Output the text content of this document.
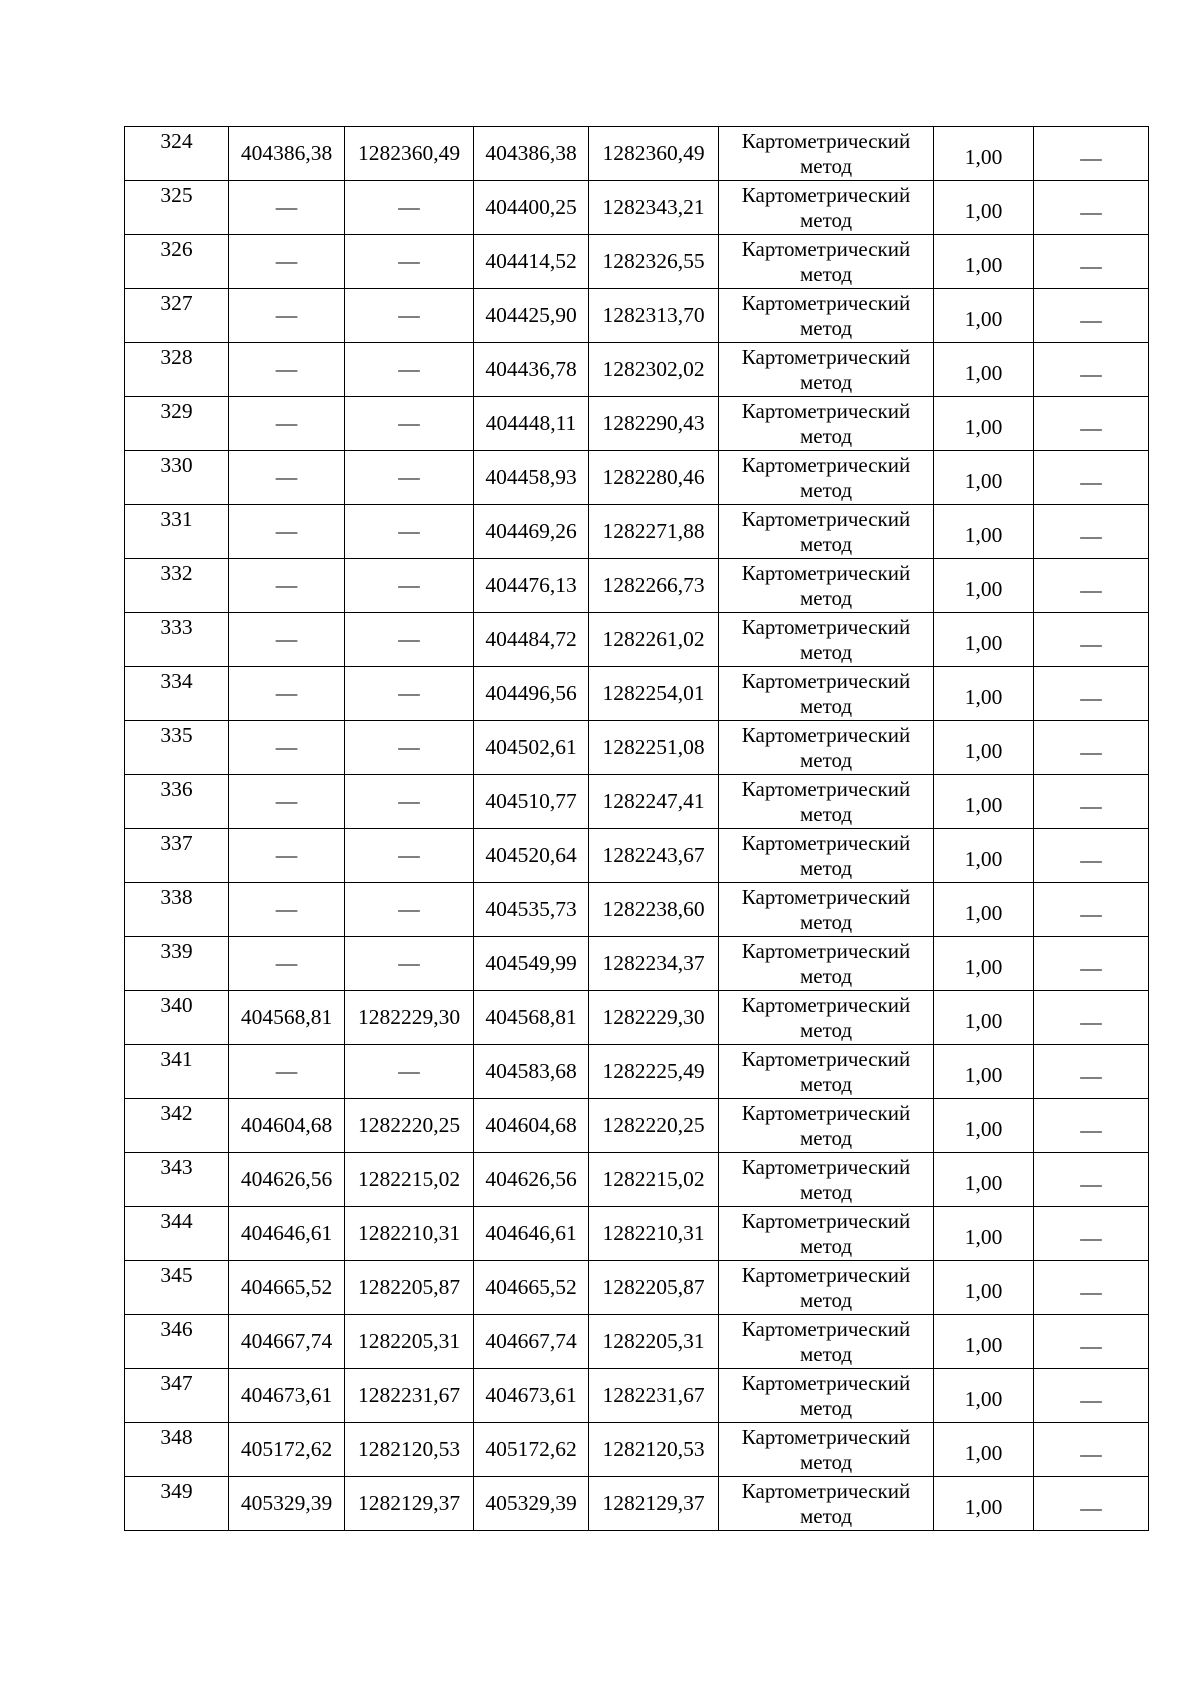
324	404386,38	1282360,49	404386,38	1282360,49	Картометрический
метод	1,00	—
325	—	—	404400,25	1282343,21	Картометрический
метод	1,00	—
326	—	—	404414,52	1282326,55	Картометрический
метод	1,00	—
327	—	—	404425,90	1282313,70	Картометрический
метод	1,00	—
328	—	—	404436,78	1282302,02	Картометрический
метод	1,00	—
329	—	—	404448,11	1282290,43	Картометрический
метод	1,00	—
330	—	—	404458,93	1282280,46	Картометрический
метод	1,00	—
331	—	—	404469,26	1282271,88	Картометрический
метод	1,00	—
332	—	—	404476,13	1282266,73	Картометрический
метод	1,00	—
333	—	—	404484,72	1282261,02	Картометрический
метод	1,00	—
334	—	—	404496,56	1282254,01	Картометрический
метод	1,00	—
335	—	—	404502,61	1282251,08	Картометрический
метод	1,00	—
336	—	—	404510,77	1282247,41	Картометрический
метод	1,00	—
337	—	—	404520,64	1282243,67	Картометрический
метод	1,00	—
338	—	—	404535,73	1282238,60	Картометрический
метод	1,00	—
339	—	—	404549,99	1282234,37	Картометрический
метод	1,00	—
340	404568,81	1282229,30	404568,81	1282229,30	Картометрический
метод	1,00	—
341	—	—	404583,68	1282225,49	Картометрический
метод	1,00	—
342	404604,68	1282220,25	404604,68	1282220,25	Картометрический
метод	1,00	—
343	404626,56	1282215,02	404626,56	1282215,02	Картометрический
метод	1,00	—
344	404646,61	1282210,31	404646,61	1282210,31	Картометрический
метод	1,00	—
345	404665,52	1282205,87	404665,52	1282205,87	Картометрический
метод	1,00	—
346	404667,74	1282205,31	404667,74	1282205,31	Картометрический
метод	1,00	—
347	404673,61	1282231,67	404673,61	1282231,67	Картометрический
метод	1,00	—
348	405172,62	1282120,53	405172,62	1282120,53	Картометрический
метод	1,00	—
349	405329,39	1282129,37	405329,39	1282129,37	Картометрический
метод	1,00	—
